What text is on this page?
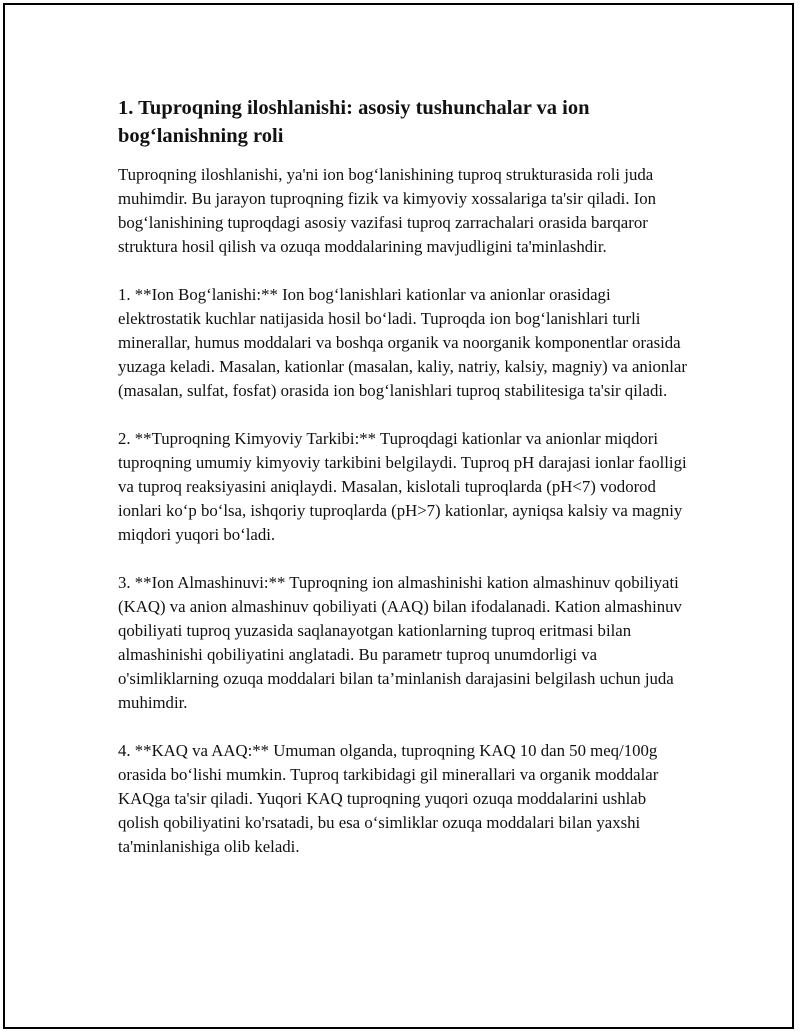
1. Tuproqning iloshlanishi: asosiy tushunchalar va ion bog‘lanishning roli

Tuproqning iloshlanishi, ya'ni ion bog‘lanishining tuproq strukturasida roli juda muhimdir. Bu jarayon tuproqning fizik va kimyoviy xossalariga ta'sir qiladi. Ion bog‘lanishining tuproqdagi asosiy vazifasi tuproq zarrachalari orasida barqaror struktura hosil qilish va ozuqa moddalarining mavjudligini ta'minlashdir.

1. **Ion Bog‘lanishi:** Ion bog‘lanishlari kationlar va anionlar orasidagi elektrostatik kuchlar natijasida hosil bo‘ladi. Tuproqda ion bog‘lanishlari turli minerallar, humus moddalari va boshqa organik va noorganik komponentlar orasida yuzaga keladi. Masalan, kationlar (masalan, kaliy, natriy, kalsiy, magniy) va anionlar (masalan, sulfat, fosfat) orasida ion bog‘lanishlari tuproq stabilitesiga ta'sir qiladi.

2. **Tuproqning Kimyoviy Tarkibi:** Tuproqdagi kationlar va anionlar miqdori tuproqning umumiy kimyoviy tarkibini belgilaydi. Tuproq pH darajasi ionlar faolligi va tuproq reaksiyasini aniqlaydi. Masalan, kislotali tuproqlarda (pH<7) vodorod ionlari ko‘p bo‘lsa, ishqoriy tuproqlarda (pH>7) kationlar, ayniqsa kalsiy va magniy miqdori yuqori bo‘ladi.

3. **Ion Almashinuvi:** Tuproqning ion almashinishi kation almashinuv qobiliyati (KAQ) va anion almashinuv qobiliyati (AAQ) bilan ifodalanadi. Kation almashinuv qobiliyati tuproq yuzasida saqlanayotgan kationlarning tuproq eritmasi bilan almashinishi qobiliyatini anglatadi. Bu parametr tuproq unumdorligi va o'simliklarning ozuqa moddalari bilan ta’minlanish darajasini belgilash uchun juda muhimdir.

4. **KAQ va AAQ:** Umuman olganda, tuproqning KAQ 10 dan 50 meq/100g orasida bo‘lishi mumkin. Tuproq tarkibidagi gil minerallari va organik moddalar KAQga ta'sir qiladi. Yuqori KAQ tuproqning yuqori ozuqa moddalarini ushlab qolish qobiliyatini ko'rsatadi, bu esa o‘simliklar ozuqa moddalari bilan yaxshi ta'minlanishiga olib keladi.
